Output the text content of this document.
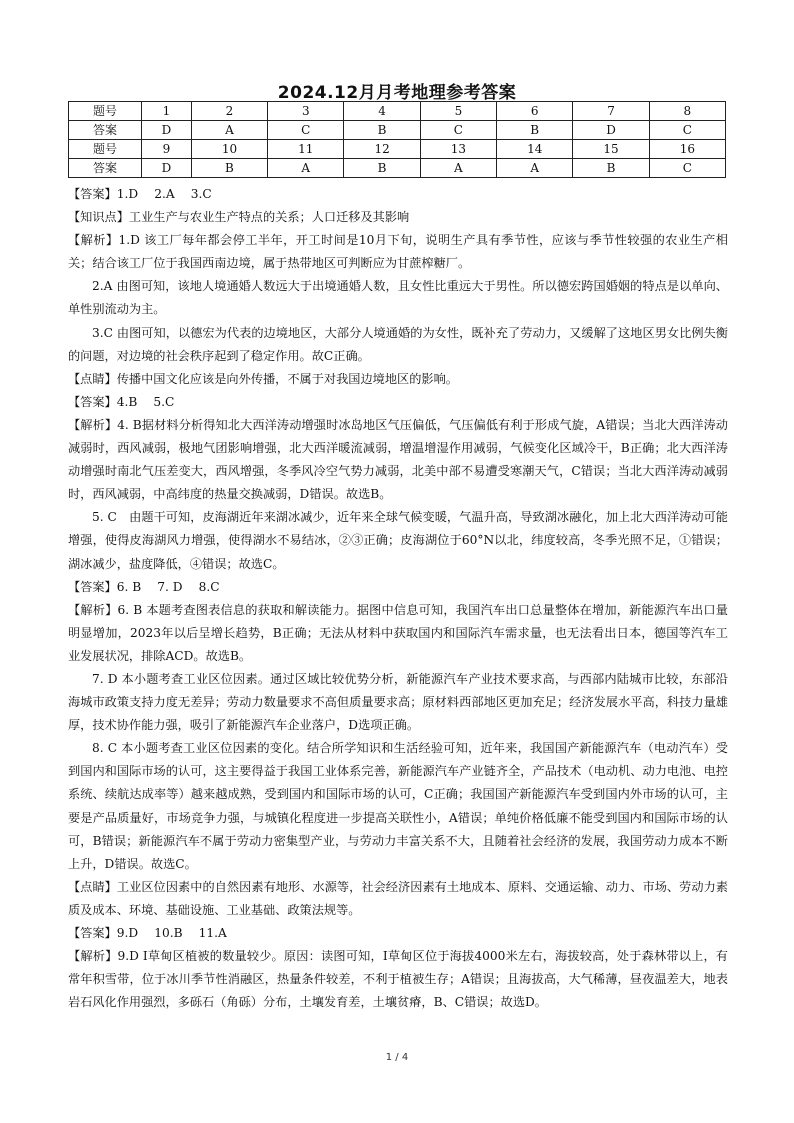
2024.12月月考地理参考答案
题号	1	2	3	4	5	6	7	8
答案	D	A	C	B	C	B	D	C
题号	9	10	11	12	13	14	15	16
答案	D	B	A	B	A	A	B	C

【答案】1.D　 2.A　 3.C

【知识点】工业生产与农业生产特点的关系；人口迁移及其影响

【解析】1.D 该工厂每年都会停工半年，开工时间是10月下旬，说明生产具有季节性，应该与季节性较强的农业生产相关；结合该工厂位于我国西南边境，属于热带地区可判断应为甘蔗榨糖厂。

2.A 由图可知，该地人境通婚人数远大于出境通婚人数，且女性比重远大于男性。所以德宏跨国婚姻的特点是以单向、单性别流动为主。

3.C 由图可知，以德宏为代表的边境地区，大部分人境通婚的为女性，既补充了劳动力，又缓解了这地区男女比例失衡的问题，对边境的社会秩序起到了稳定作用。故C正确。

【点睛】传播中国文化应该是向外传播，不属于对我国边境地区的影响。

【答案】4.B　 5.C

【解析】4. B据材料分析得知北大西洋涛动增强时冰岛地区气压偏低，气压偏低有利于形成气旋，A错误；当北大西洋涛动减弱时，西风减弱，极地气团影响增强，北大西洋暖流减弱，增温增湿作用减弱，气候变化区域冷干，B正确；北大西洋涛动增强时南北气压差变大，西风增强，冬季风冷空气势力减弱，北美中部不易遭受寒潮天气，C错误；当北大西洋涛动减弱时，西风减弱，中高纬度的热量交换减弱，D错误。故选B。

5. C　由题干可知，皮海湖近年来湖冰减少，近年来全球气候变暖，气温升高，导致湖冰融化，加上北大西洋涛动可能增强，使得皮海湖风力增强，使得湖水不易结冰，②③正确；皮海湖位于60°N以北，纬度较高，冬季光照不足，①错误；湖冰减少，盐度降低，④错误；故选C。

【答案】6. B　 7. D　 8.C

【解析】6. B 本题考查图表信息的获取和解读能力。据图中信息可知，我国汽车出口总量整体在增加，新能源汽车出口量明显增加，2023年以后呈增长趋势，B正确；无法从材料中获取国内和国际汽车需求量，也无法看出日本，德国等汽车工业发展状况，排除ACD。故选B。

7. D 本小题考查工业区位因素。通过区域比较优势分析，新能源汽车产业技术要求高，与西部内陆城市比较，东部沿海城市政策支持力度无差异；劳动力数量要求不高但质量要求高；原材料西部地区更加充足；经济发展水平高，科技力量雄厚，技术协作能力强，吸引了新能源汽车企业落户，D选项正确。

8. C 本小题考查工业区位因素的变化。结合所学知识和生活经验可知，近年来，我国国产新能源汽车（电动汽车）受到国内和国际市场的认可，这主要得益于我国工业体系完善，新能源汽车产业链齐全，产品技术（电动机、动力电池、电控系统、续航达成率等）越来越成熟，受到国内和国际市场的认可，C正确；我国国产新能源汽车受到国内外市场的认可，主要是产品质量好，市场竞争力强，与城镇化程度进一步提高关联性小，A错误；单纯价格低廉不能受到国内和国际市场的认可，B错误；新能源汽车不属于劳动力密集型产业，与劳动力丰富关系不大，且随着社会经济的发展，我国劳动力成本不断上升，D错误。故选C。

【点睛】工业区位因素中的自然因素有地形、水源等，社会经济因素有土地成本、原料、交通运输、动力、市场、劳动力素质及成本、环境、基础设施、工业基础、政策法规等。

【答案】9.D　 10.B　 11.A

【解析】9.D Ⅰ草甸区植被的数量较少。原因：读图可知，Ⅰ草甸区位于海拔4000米左右，海拔较高，处于森林带以上，有常年积雪带，位于冰川季节性消融区，热量条件较差，不利于植被生存；A错误；且海拔高，大气稀薄，昼夜温差大，地表岩石风化作用强烈，多砾石（角砾）分布，土壤发育差，土壤贫瘠，B、C错误；故选D。

1 / 4
